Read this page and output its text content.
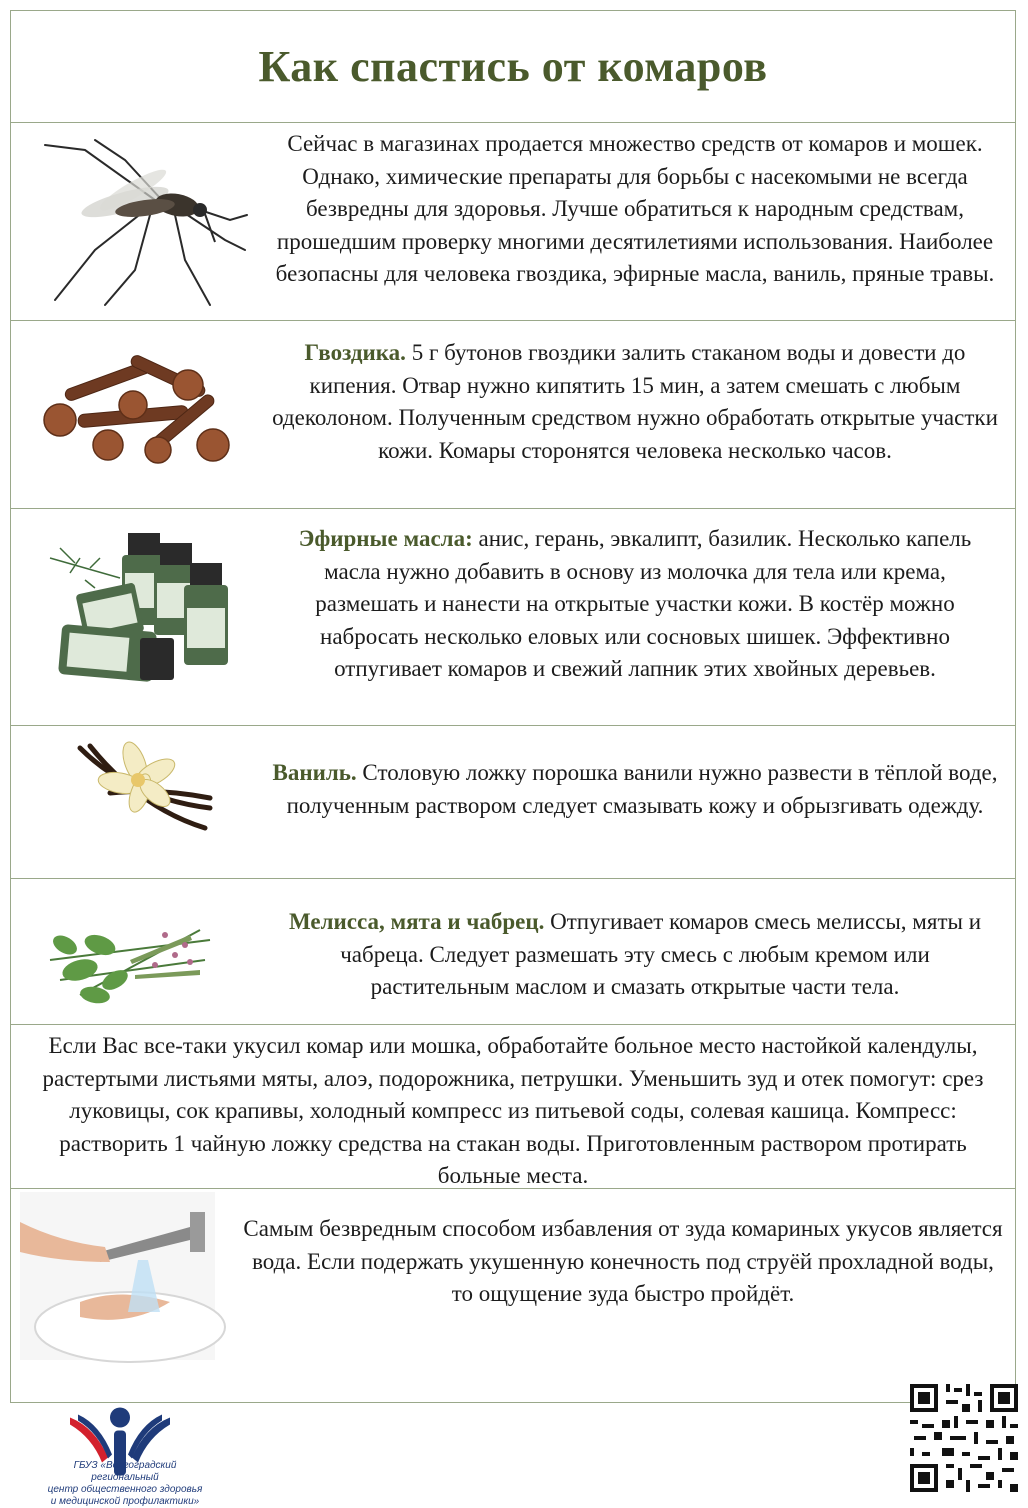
Как спастись от комаров
Сейчас в магазинах продается множество средств от комаров и мошек. Однако, химические препараты для борьбы с насекомыми не всегда безвредны для здоровья. Лучше обратиться к народным средствам, прошедшим проверку многими десятилетиями использования. Наиболее безопасны для человека гвоздика, эфирные масла, ваниль, пряные травы.
Гвоздика. 5 г бутонов гвоздики залить стаканом воды и довести до кипения. Отвар нужно кипятить 15 мин, а затем смешать с любым одеколоном. Полученным средством нужно обработать открытые участки кожи. Комары сторонятся человека несколько часов.
Эфирные масла: анис, герань, эвкалипт, базилик. Несколько капель масла нужно добавить в основу из молочка для тела или крема, размешать и нанести на открытые участки кожи. В костёр можно набросать несколько еловых или сосновых шишек. Эффективно отпугивает комаров и свежий лапник этих хвойных деревьев.
Ваниль. Столовую ложку порошка ванили нужно развести в тёплой воде, полученным раствором следует смазывать кожу и обрызгивать одежду.
Мелисса, мята и чабрец. Отпугивает комаров смесь мелиссы, мяты и чабреца. Следует размешать эту смесь с любым кремом или растительным маслом и смазать открытые части тела.
Если Вас все-таки укусил комар или мошка, обработайте больное место настойкой календулы, растертыми листьями мяты, алоэ, подорожника, петрушки. Уменьшить зуд и отек помогут: срез луковицы, сок крапивы, холодный компресс из питьевой соды, солевая кашица. Компресс: растворить 1 чайную ложку средства на стакан воды. Приготовленным раствором протирать больные места.
Самым безвредным способом избавления от зуда комариных укусов является вода. Если подержать укушенную конечность под струёй прохладной воды, то ощущение зуда быстро пройдёт.
ГБУЗ «Волгоградский региональный
центр общественного здоровья
и медицинской профилактики»
